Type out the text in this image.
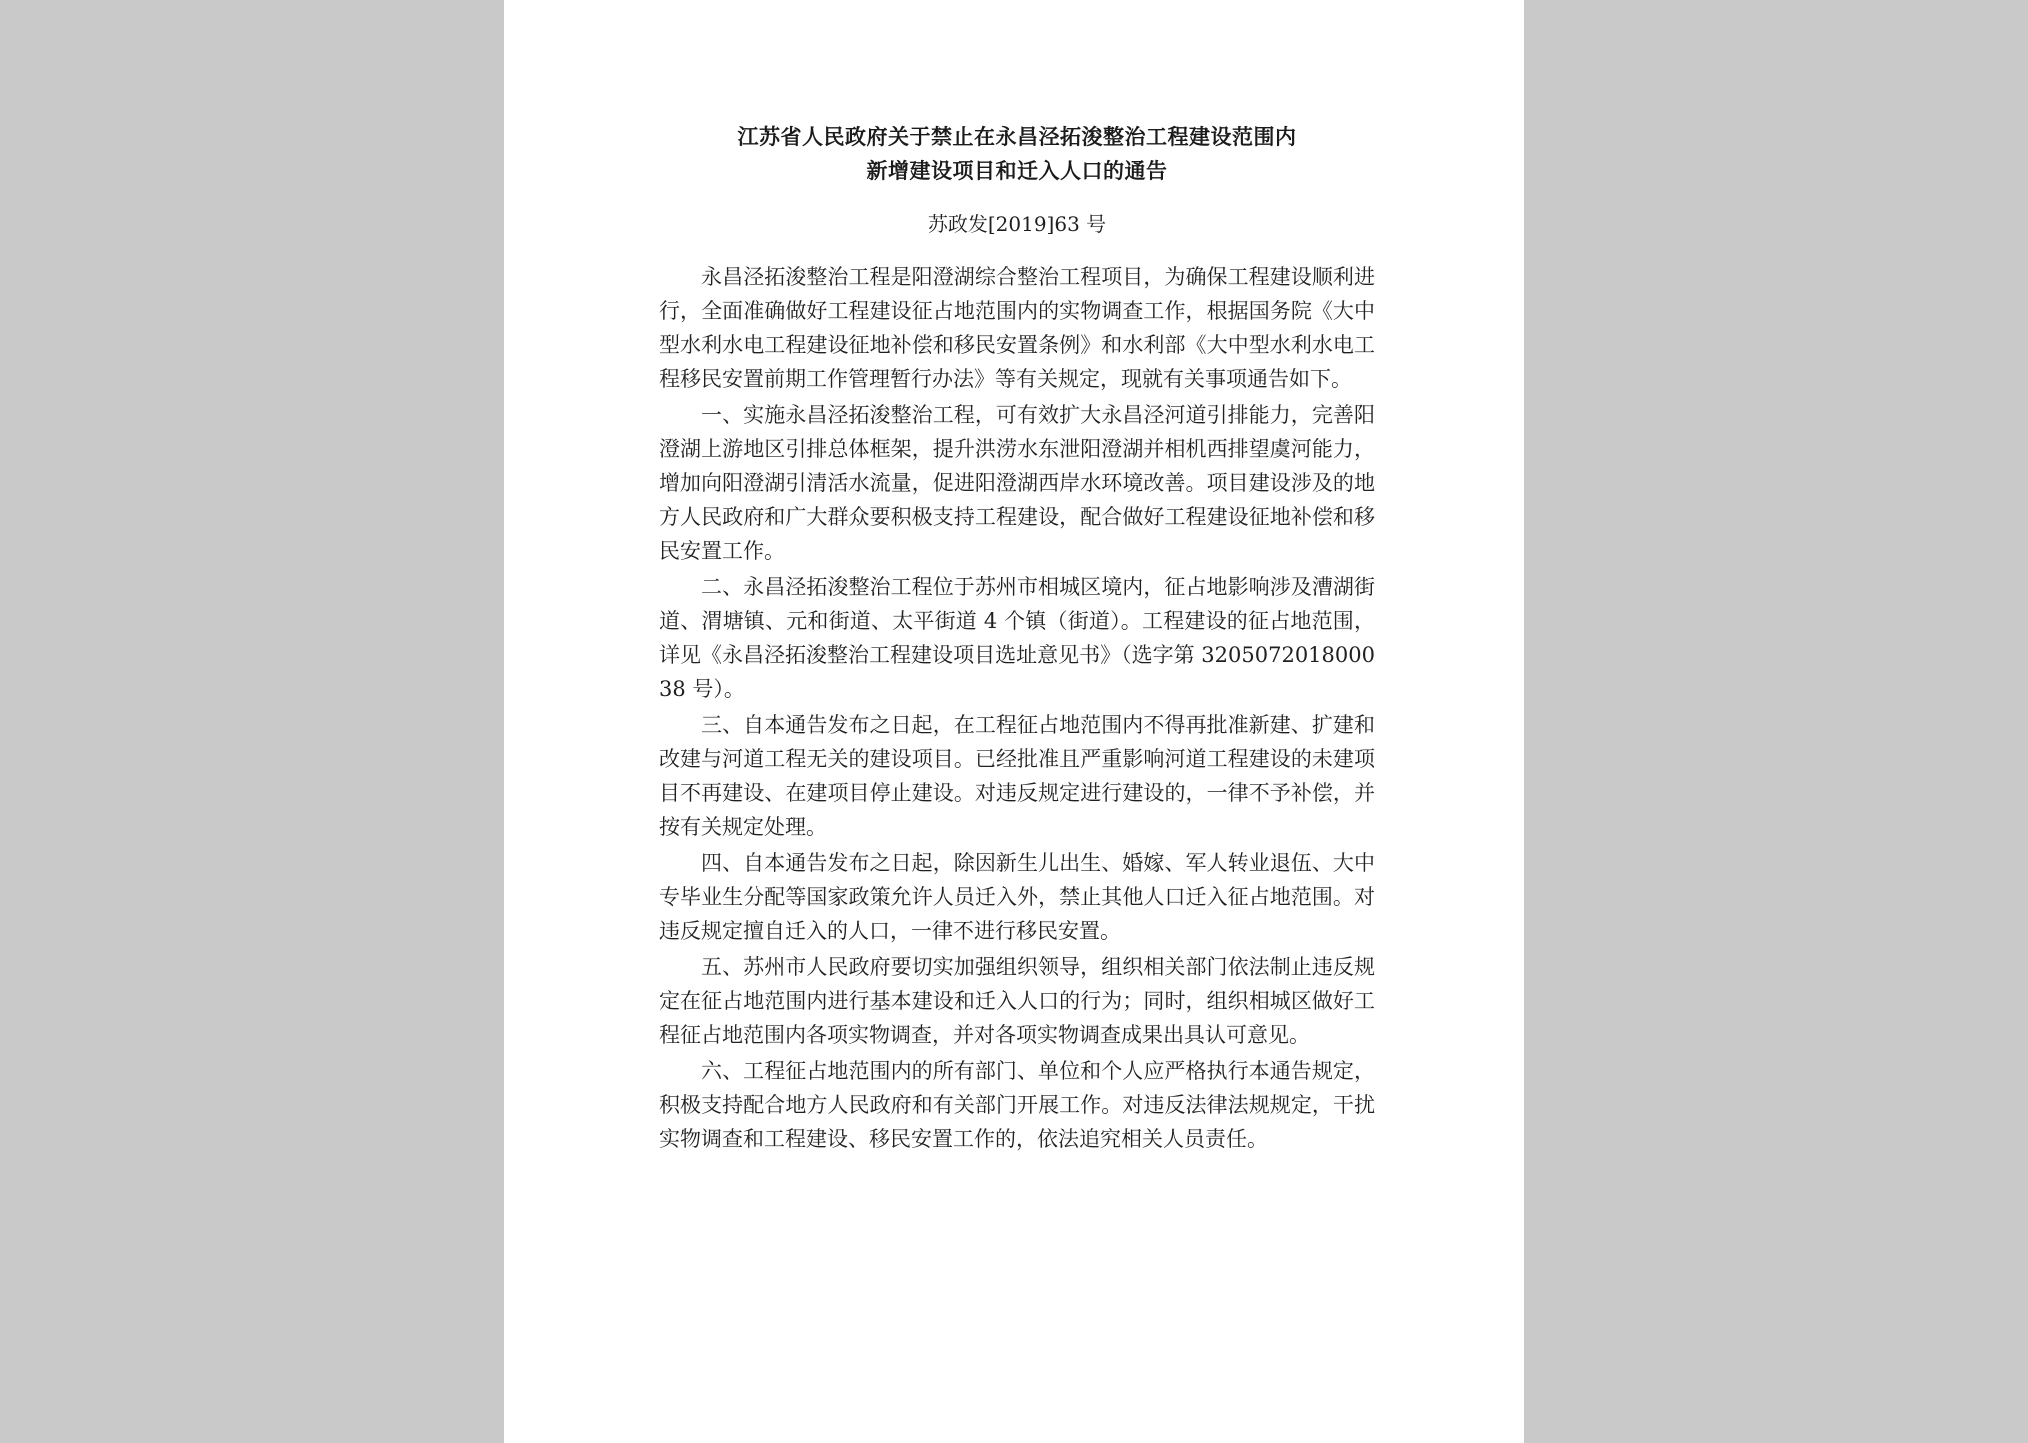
江苏省人民政府关于禁止在永昌泾拓浚整治工程建设范围内
新增建设项目和迁入人口的通告
苏政发[2019]63 号

永昌泾拓浚整治工程是阳澄湖综合整治工程项目，为确保工程建设顺利进行，全面准确做好工程建设征占地范围内的实物调查工作，根据国务院《大中型水利水电工程建设征地补偿和移民安置条例》和水利部《大中型水利水电工程移民安置前期工作管理暂行办法》等有关规定，现就有关事项通告如下。

一、实施永昌泾拓浚整治工程，可有效扩大永昌泾河道引排能力，完善阳澄湖上游地区引排总体框架，提升洪涝水东泄阳澄湖并相机西排望虞河能力，增加向阳澄湖引清活水流量，促进阳澄湖西岸水环境改善。项目建设涉及的地方人民政府和广大群众要积极支持工程建设，配合做好工程建设征地补偿和移民安置工作。

二、永昌泾拓浚整治工程位于苏州市相城区境内，征占地影响涉及漕湖街道、渭塘镇、元和街道、太平街道 4 个镇（街道）。工程建设的征占地范围，详见《永昌泾拓浚整治工程建设项目选址意见书》（选字第 320507201800038 号）。

三、自本通告发布之日起，在工程征占地范围内不得再批准新建、扩建和改建与河道工程无关的建设项目。已经批准且严重影响河道工程建设的未建项目不再建设、在建项目停止建设。对违反规定进行建设的，一律不予补偿，并按有关规定处理。

四、自本通告发布之日起，除因新生儿出生、婚嫁、军人转业退伍、大中专毕业生分配等国家政策允许人员迁入外，禁止其他人口迁入征占地范围。对违反规定擅自迁入的人口，一律不进行移民安置。

五、苏州市人民政府要切实加强组织领导，组织相关部门依法制止违反规定在征占地范围内进行基本建设和迁入人口的行为；同时，组织相城区做好工程征占地范围内各项实物调查，并对各项实物调查成果出具认可意见。

六、工程征占地范围内的所有部门、单位和个人应严格执行本通告规定，积极支持配合地方人民政府和有关部门开展工作。对违反法律法规规定，干扰实物调查和工程建设、移民安置工作的，依法追究相关人员责任。
